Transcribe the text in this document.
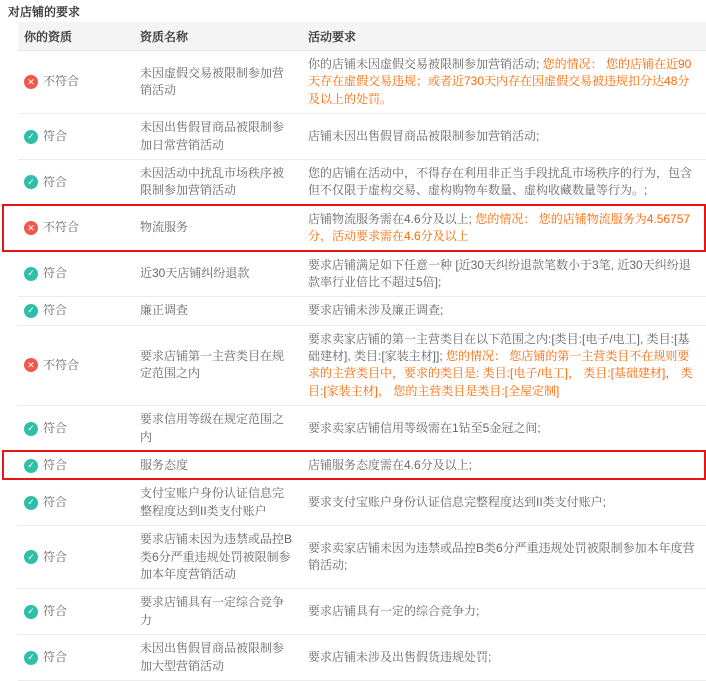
对店铺的要求
你的资质	资质名称	活动要求
✕ 不符合
未因虚假交易被限制参加营销活动
你的店铺未因虚假交易被限制参加营销活动; 您的情况： 您的店铺在近90天存在虚假交易违规；或者近730天内存在因虚假交易被违规扣分达48分及以上的处罚。
✓ 符合
未因出售假冒商品被限制参加日常营销活动
店铺未因出售假冒商品被限制参加营销活动;
✓ 符合
未因活动中扰乱市场秩序被限制参加营销活动
您的店铺在活动中，不得存在利用非正当手段扰乱市场秩序的行为，包含但不仅限于虚构交易、虚构购物车数量、虚构收藏数量等行为。;
✕ 不符合	物流服务
店铺物流服务需在4.6分及以上; 您的情况： 您的店铺物流服务为4.56757分，活动要求需在4.6分及以上
✓ 符合	近30天店铺纠纷退款
要求店铺满足如下任意一种 [近30天纠纷退款笔数小于3笔, 近30天纠纷退款率行业倍比不超过5倍];
✓ 符合	廉正调查	要求店铺未涉及廉正调查;
✕ 不符合
要求店铺第一主营类目在规定范围之内
要求卖家店铺的第一主营类目在以下范围之内:[类目:[电子/电工], 类目:[基础建材], 类目:[家装主材]]; 您的情况： 您店铺的第一主营类目不在规则要求的主营类目中，要求的类目是: 类目:[电子/电工]， 类目:[基础建材]， 类目:[家装主材]， 您的主营类目是类目:[全屋定制]
✓ 符合
要求信用等级在规定范围之内
要求卖家店铺信用等级需在1钻至5金冠之间;
✓ 符合	服务态度	店铺服务态度需在4.6分及以上;
✓ 符合
支付宝账户身份认证信息完整程度达到II类支付账户
要求支付宝账户身份认证信息完整程度达到II类支付账户;
✓ 符合
要求店铺未因为违禁或品控B类6分严重违规处罚被限制参加本年度营销活动
要求卖家店铺未因为违禁或品控B类6分严重违规处罚被限制参加本年度营销活动;
✓ 符合
要求店铺具有一定综合竞争力
要求店铺具有一定的综合竞争力;
✓ 符合
未因出售假冒商品被限制参加大型营销活动
要求店铺未涉及出售假货违规处罚;
